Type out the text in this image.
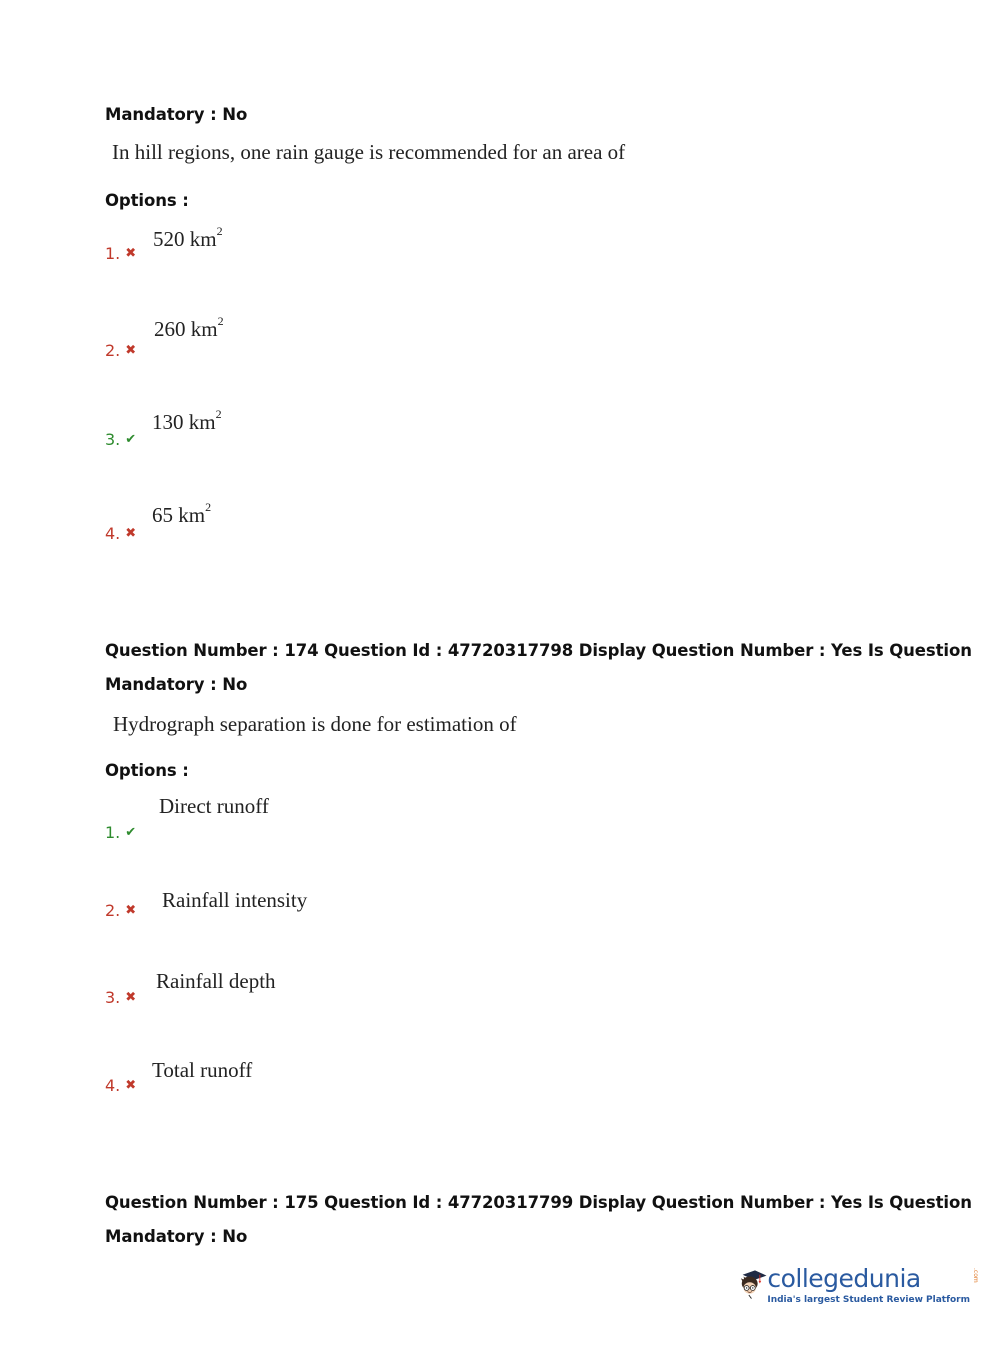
Mandatory : No
In hill regions, one rain gauge is recommended for an area of
Options :
1. ✖
520 $km^2$
2. ✖
260 $km^2$
3. ✔
130 $km^2$
4. ✖
65 $km^2$
Question Number : 174 Question Id : 47720317798 Display Question Number : Yes Is Question
Mandatory : No
Hydrograph separation is done for estimation of
Options :
1. ✔
Direct runoff
2. ✖ Rainfall intensity
3. ✖
Rainfall depth
4. ✖
Total runoff
Question Number : 175 Question Id : 47720317799 Display Question Number : Yes Is Question
Mandatory : No
collegedunia
India's largest Student Review Platform
.com
